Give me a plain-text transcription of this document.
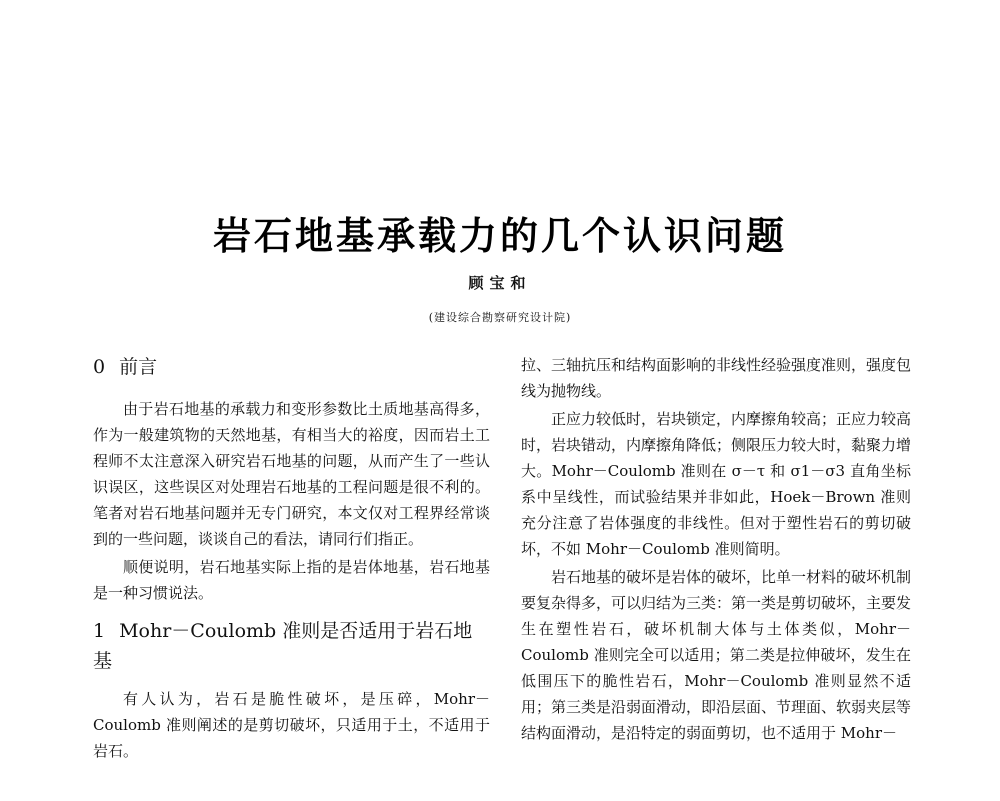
岩石地基承载力的几个认识问题
顾宝和
(建设综合勘察研究设计院)
0 前言

由于岩石地基的承载力和变形参数比土质地基高得多，作为一般建筑物的天然地基，有相当大的裕度，因而岩土工程师不太注意深入研究岩石地基的问题，从而产生了一些认识误区，这些误区对处理岩石地基的工程问题是很不利的。笔者对岩石地基问题并无专门研究，本文仅对工程界经常谈到的一些问题，谈谈自己的看法，请同行们指正。

顺便说明，岩石地基实际上指的是岩体地基，岩石地基是一种习惯说法。

1 Mohr－Coulomb 准则是否适用于岩石地基

有人认为，岩石是脆性破坏，是压碎，Mohr－Coulomb 准则阐述的是剪切破坏，只适用于土，不适用于岩石。

拉、三轴抗压和结构面影响的非线性经验强度准则，强度包线为抛物线。

正应力较低时，岩块锁定，内摩擦角较高；正应力较高时，岩块错动，内摩擦角降低；侧限压力较大时，黏聚力增大。Mohr－Coulomb 准则在 σ－τ 和 σ1－σ3 直角坐标系中呈线性，而试验结果并非如此，Hoek－Brown 准则充分注意了岩体强度的非线性。但对于塑性岩石的剪切破坏，不如 Mohr－Coulomb 准则简明。

岩石地基的破坏是岩体的破坏，比单一材料的破坏机制要复杂得多，可以归结为三类：第一类是剪切破坏，主要发生在塑性岩石，破坏机制大体与土体类似，Mohr－Coulomb 准则完全可以适用；第二类是拉伸破坏，发生在低围压下的脆性岩石，Mohr－Coulomb 准则显然不适用；第三类是沿弱面滑动，即沿层面、节理面、软弱夹层等结构面滑动，是沿特定的弱面剪切，也不适用于 Mohr－
